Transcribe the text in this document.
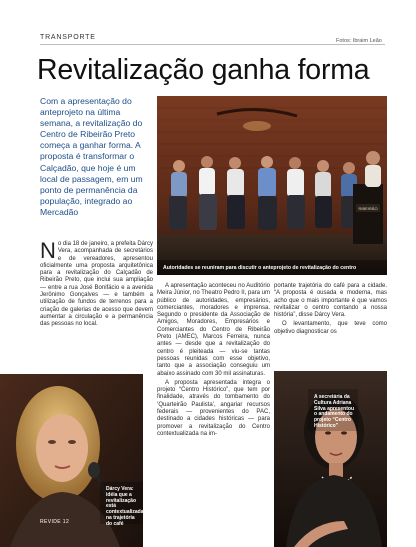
TRANSPORTE	Fotos: Ibraim Leão
Revitalização ganha forma
Com a apresentação do anteprojeto na última semana, a revitalização do Centro de Ribeirão Preto começa a ganhar forma. A proposta é transformar o Calçadão, que hoje é um local de passagem, em um ponto de permanência da população, integrado ao Mercadão	RIBEIRÃO
Autoridades se reuniram para discutir o anteprojeto de revitalização do centro

N o dia 18 de janeiro, a prefeita Dárcy Vera, acompanhada de secretários e de vereadores, apresentou oficialmente uma proposta arquitetônica para a revitalização do Calçadão de Ribeirão Preto, que inclui sua ampliação — entre a rua José Bonifácio e a avenida Jerônimo Gonçalves — e também a utilização de fundos de terrenos para a criação de galerias de acesso que devem aumentar a circulação e a permanência das pessoas no local.

A apresentação aconteceu no Auditório Meira Júnior, no Theatro Pedro II, para um público de autoridades, empresários, comerciantes, moradores e imprensa. Segundo o presidente da Associação de Amigos, Moradores, Empresários e Comerciantes do Centro de Ribeirão Preto (AMEC), Marcos Ferreira, nunca antes — desde que a revitalização do centro é pleiteada — viu-se tantas pessoas reunidas com esse objetivo, tanto que a associação conseguiu um abaixo assinado com 30 mil assinaturas.

A proposta apresentada integra o projeto “Centro Histórico”, que tem por finalidade, através do tombamento do ‘Quarteirão Paulista’, angariar recursos federais — provenientes do PAC, destinado a cidades históricas — para promover a revitalização do Centro contextualizada na im-

portante trajetória do café para a cidade. “A proposta é ousada e moderna, mas acho que o mais importante é que vamos revitalizar o centro contando a nossa história”, disse Dárcy Vera.

O levantamento, que teve como objetivo diagnosticar os

Dárcy Vera: idéia que a revitalização está contextualizada na trajetória do café
REVIDE 12
A secretária da Cultura Adriana Silva apresentou o andamento do projeto “Centro Histórico”
